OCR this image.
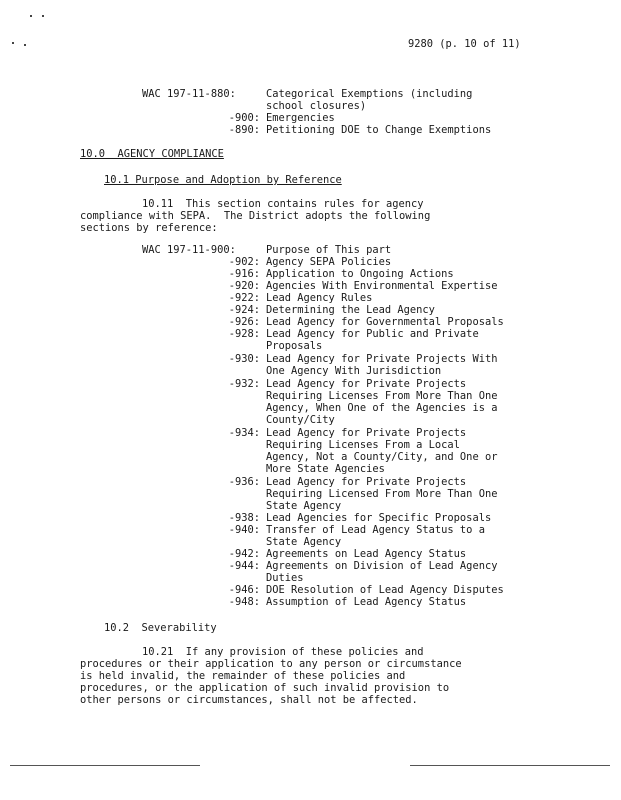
9280 (p. 10 of 11)
WAC 197-11-880:	Categorical Exemptions (including
school closures)
-900: Emergencies
-890: Petitioning DOE to Change Exemptions
10.0  AGENCY COMPLIANCE
10.1 Purpose and Adoption by Reference
10.11  This section contains rules for agency
compliance with SEPA.  The District adopts the following
sections by reference:
WAC 197-11-900:	Purpose of This part
-902: Agency SEPA Policies
-916: Application to Ongoing Actions
-920: Agencies With Environmental Expertise
-922: Lead Agency Rules
-924: Determining the Lead Agency
-926: Lead Agency for Governmental Proposals
-928: Lead Agency for Public and Private
Proposals
-930: Lead Agency for Private Projects With
One Agency With Jurisdiction
-932: Lead Agency for Private Projects
Requiring Licenses From More Than One
Agency, When One of the Agencies is a
County/City
-934: Lead Agency for Private Projects
Requiring Licenses From a Local
Agency, Not a County/City, and One or
More State Agencies
-936: Lead Agency for Private Projects
Requiring Licensed From More Than One
State Agency
-938: Lead Agencies for Specific Proposals
-940: Transfer of Lead Agency Status to a
State Agency
-942: Agreements on Lead Agency Status
-944: Agreements on Division of Lead Agency
Duties
-946: DOE Resolution of Lead Agency Disputes
-948: Assumption of Lead Agency Status
10.2  Severability
10.21  If any provision of these policies and
procedures or their application to any person or circumstance
is held invalid, the remainder of these policies and
procedures, or the application of such invalid provision to
other persons or circumstances, shall not be affected.
